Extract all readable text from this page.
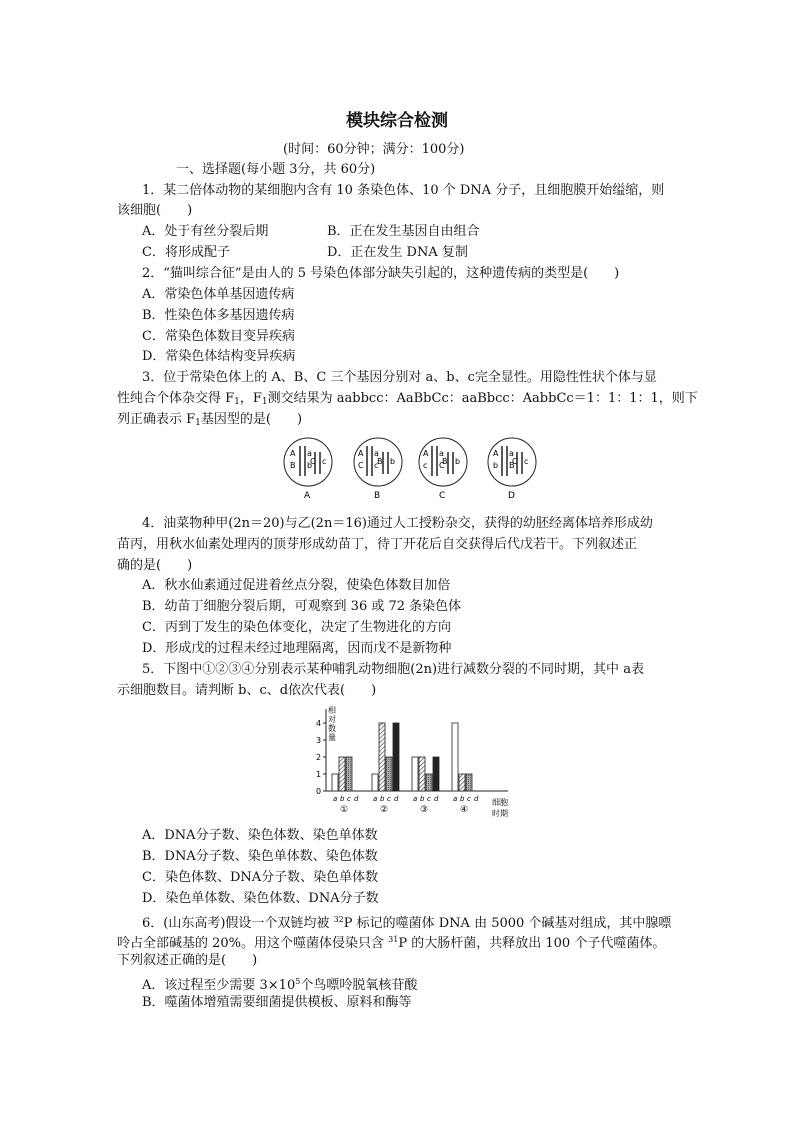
模块综合检测
(时间：60分钟；满分：100分)
一、选择题(每小题 3分，共 60分)
1．某二倍体动物的某细胞内含有 10 条染色体、10 个 DNA 分子，且细胞膜开始缢缩，则
该细胞(　　)
A．处于有丝分裂后期	B．正在发生基因自由组合
C．将形成配子	D．正在发生 DNA 复制
2．“猫叫综合征”是由人的 5 号染色体部分缺失引起的，这种遗传病的类型是(　　)
A．常染色体单基因遗传病
B．性染色体多基因遗传病
C．常染色体数目变异疾病
D．常染色体结构变异疾病
3．位于常染色体上的 A、B、C 三个基因分别对 a、b、c完全显性。用隐性性状个体与显
性纯合个体杂交得 $F_1$，$F_1$测交结果为 aabbcc：AaBbCc：aaBbcc：AabbCc＝1：1：1：1，则下
列正确表示 $F_1$基因型的是(　　)
A a
B b
C c
A a
C c
B b
A a
c C
B b
A a
b B
C c
A	B	C	D
4．油菜物种甲(2n＝20)与乙(2n＝16)通过人工授粉杂交，获得的幼胚经离体培养形成幼
苗丙，用秋水仙素处理丙的顶芽形成幼苗丁，待丁开花后自交获得后代戊若干。下列叙述正
确的是(　　)
A．秋水仙素通过促进着丝点分裂，使染色体数目加倍
B．幼苗丁细胞分裂后期，可观察到 36 或 72 条染色体
C．丙到丁发生的染色体变化，决定了生物进化的方向
D．形成戊的过程未经过地理隔离，因而戊不是新物种
5．下图中①②③④分别表示某种哺乳动物细胞(2n)进行减数分裂的不同时期，其中 a表
示细胞数目。请判断 b、c、d依次代表(　　)
0
1
2
3
4
a b c d a b c d a b c d a b c d
①	②	③	④
相
对
数
量
细胞
时期
A．DNA分子数、染色体数、染色单体数
B．DNA分子数、染色单体数、染色体数
C．染色体数、DNA分子数、染色单体数
D．染色单体数、染色体数、DNA分子数
6．(山东高考)假设一个双链均被 $^{32}$P 标记的噬菌体 DNA 由 5000 个碱基对组成，其中腺嘌
呤占全部碱基的 20%。用这个噬菌体侵染只含 $^{31}$P 的大肠杆菌，共释放出 100 个子代噬菌体。
下列叙述正确的是(　　)
A．该过程至少需要 $3\times 10^5$个鸟嘌呤脱氧核苷酸
B．噬菌体增殖需要细菌提供模板、原料和酶等
